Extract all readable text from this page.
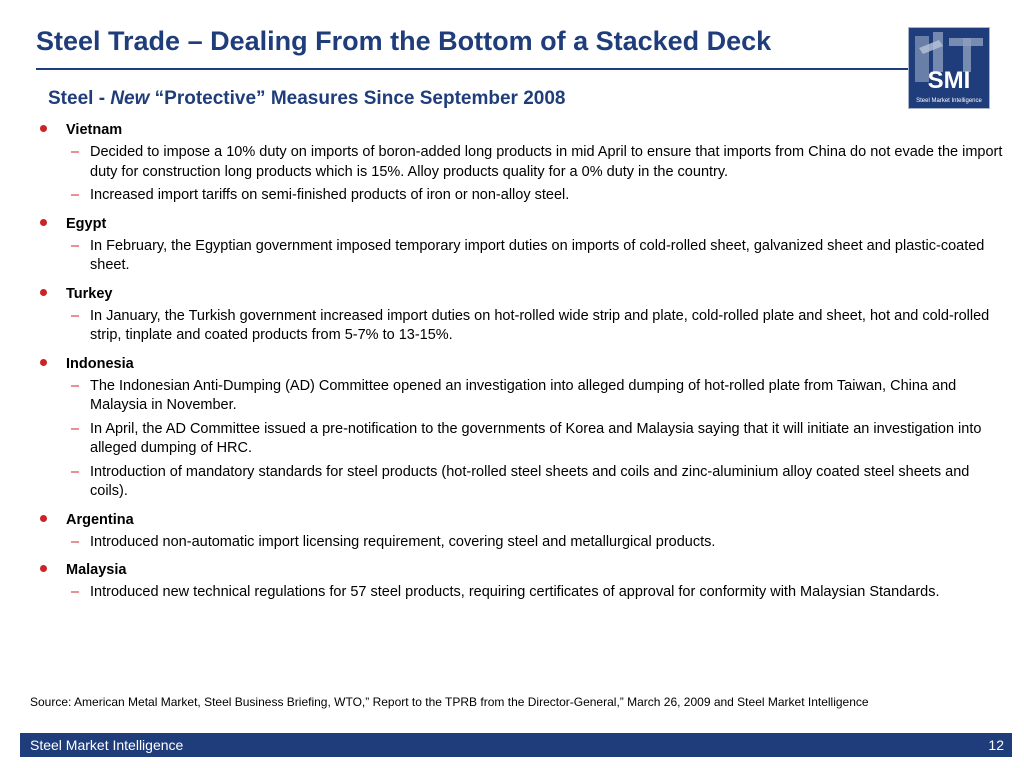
Steel Trade – Dealing From the Bottom of a Stacked Deck
SMI
Steel Market Intelligence
Steel - New “Protective” Measures Since September 2008
Vietnam
– Decided to impose a 10% duty on imports of boron-added long products in mid April to ensure that imports from China do not evade the import duty for construction long products which is 15%. Alloy products quality for a 0% duty in the country.
– Increased import tariffs on semi-finished products of iron or non-alloy steel.
Egypt
– In February, the Egyptian government imposed temporary import duties on imports of cold-rolled sheet, galvanized sheet and plastic-coated sheet.
Turkey
– In January, the Turkish government increased import duties on hot-rolled wide strip and plate, cold-rolled plate and sheet, hot and cold-rolled strip, tinplate and coated products from 5-7% to 13-15%.
Indonesia
– The Indonesian Anti-Dumping (AD) Committee opened an investigation into alleged dumping of hot-rolled plate from Taiwan, China and Malaysia in November.
– In April, the AD Committee issued a pre-notification to the governments of Korea and Malaysia saying that it will initiate an investigation into alleged dumping of HRC.
– Introduction of mandatory standards for steel products (hot-rolled steel sheets and coils and zinc-aluminium alloy coated steel sheets and coils).
Argentina
– Introduced non-automatic import licensing requirement, covering steel and metallurgical products.
Malaysia
– Introduced new technical regulations for 57 steel products, requiring certificates of approval for conformity with Malaysian Standards.
Source: American Metal Market, Steel Business Briefing, WTO,” Report to the TPRB from the Director-General,” March 26, 2009 and Steel Market Intelligence
Steel Market Intelligence	12
